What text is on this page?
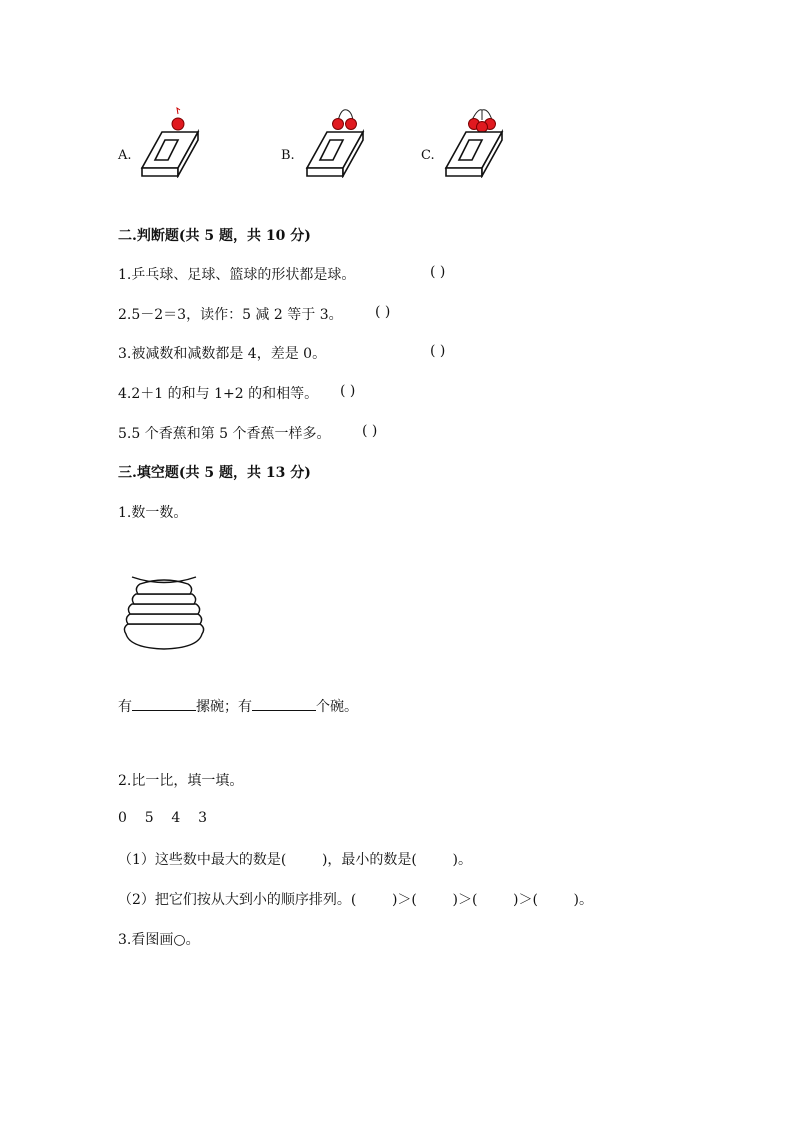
A.	B.	C.
二.判断题(共 5 题，共 10 分)
1.乒乓球、足球、篮球的形状都是球。	( )
2.5－2＝3，读作：5 减 2 等于 3。 ( )
3.被减数和减数都是 4，差是 0。	( )
4.2＋1 的和与 1+2 的和相等。 ( )
5.5 个香蕉和第 5 个香蕉一样多。 ( )
三.填空题(共 5 题，共 13 分)
1.数一数。
有	摞碗；有	个碗。
2.比一比，填一填。
0    5    4    3
（1）这些数中最大的数是(        )，最小的数是(        )。
（2）把它们按从大到小的顺序排列。(        )＞(        )＞(        )＞(        )。
3.看图画○。
